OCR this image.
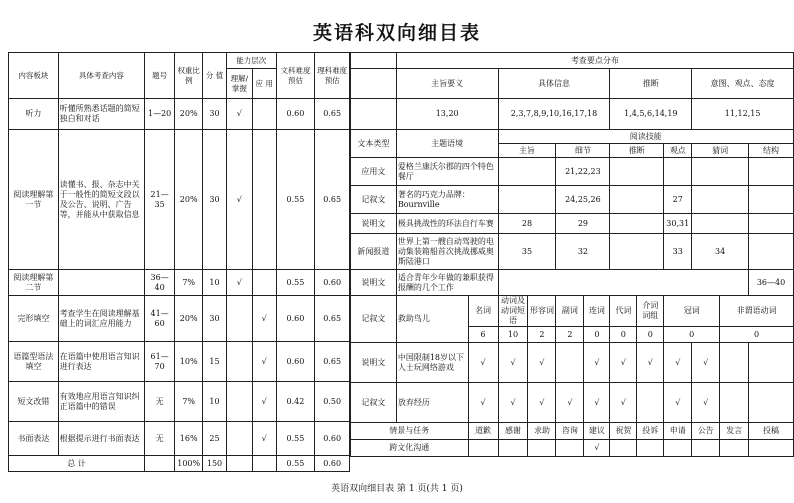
英语科双向细目表
内容板块	具体考查内容	题号	权重比例	分 值	能力层次		文科难度预估	理科难度预估
					理解/掌握	应 用		
听力	听懂所熟悉话题的简短独白和对话	1—20	20%	30	√		0.60	0.65
阅读理解第一节	读懂书、报、杂志中关于一般性的简短文段以及公告、说明、广告等，并能从中获取信息	21—35	20%	30	√		0.55	0.65
阅读理解第二节		36—40	7%	10	√		0.55	0.60
完形填空	考查学生在阅读理解基础上的词汇应用能力	41—60	20%	30		√	0.60	0.65
语篇型语法填空	在语篇中使用语言知识进行表达	61—70	10%	15		√	0.60	0.65
短文改错	有效地应用语言知识纠正语篇中的错误	无	7%	10		√	0.42	0.50
书面表达	根据提示进行书面表达	无	16%	25		√	0.55	0.60
总 计			100%	150			0.55	0.60
	考查要点分布											
	主旨要义		具体信息				推断			意图、观点、态度		
	13,20		2,3,7,8,9,10,16,17,18				1,4,5,6,14,19			11,12,15		
文本类型	主题语境		阅读技能									
			主旨		细节		推断		观点	猜词		结构
应用文	爱格兰康沃尔郡的四个特色餐厅				21,22,23							
记叙文	著名的巧克力品牌：Bournville				24,25,26				27			
说明文	极具挑战性的环法自行车赛		28		29				30,31			
新闻报道	世界上第一艘自动驾驶的电动集装箱船首次挑战挪威奥斯陆港口		35		32				33	34		
说明文	适合青年少年做的兼职获得报酬的几个工作											36—40
记叙文	救助鸟儿	名词	动词及动词短语	形容词	副词	连词	代词	介词词组	冠词		非谓语动词	
		6	10	2	2	0	0	0	0		0	
说明文	中国限制18岁以下人士玩网络游戏	√	√	√		√	√	√	√	√		
记叙文	放弃经历	√	√	√	√	√	√		√	√		
情景与任务		道歉	感谢	求助	咨询	建议	祝贺	投诉	申请	公告	发言	投稿
跨文化沟通						√						

英语双向细目表 第 1 页(共 1 页)
